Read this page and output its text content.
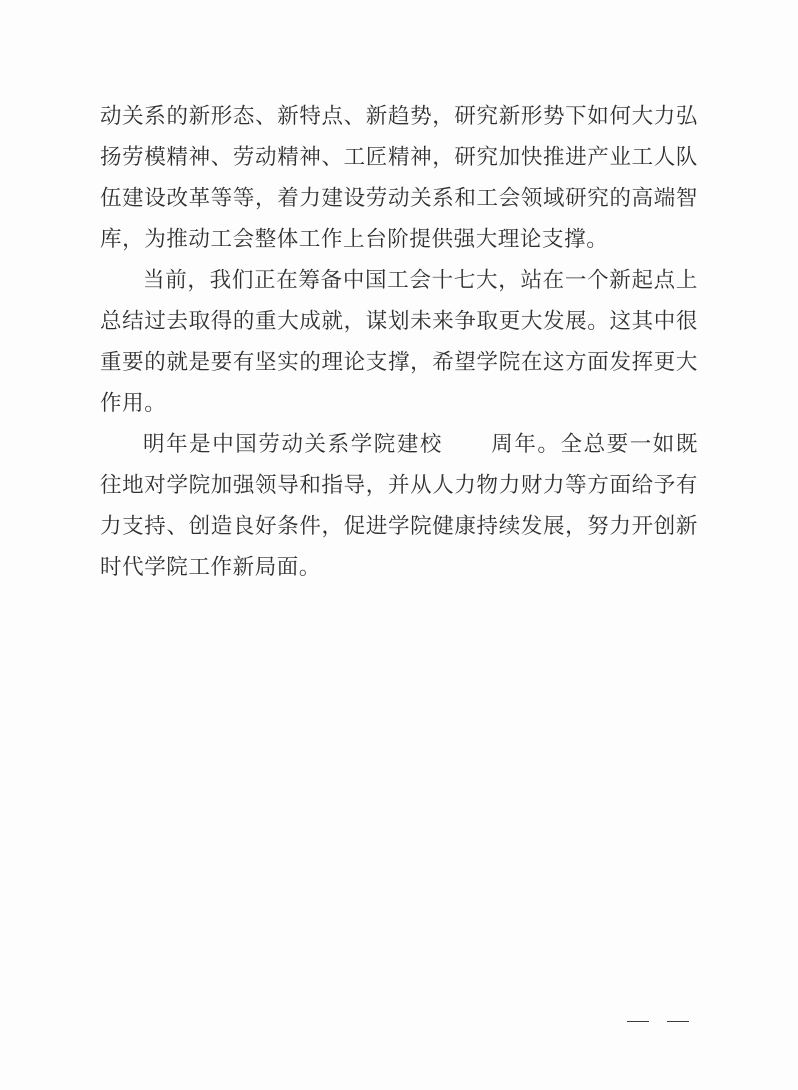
动关系的新形态、新特点、新趋势，研究新形势下如何大力弘扬劳模精神、劳动精神、工匠精神，研究加快推进产业工人队伍建设改革等等，着力建设劳动关系和工会领域研究的高端智库，为推动工会整体工作上台阶提供强大理论支撑。

当前，我们正在筹备中国工会十七大，站在一个新起点上总结过去取得的重大成就，谋划未来争取更大发展。这其中很重要的就是要有坚实的理论支撑，希望学院在这方面发挥更大作用。

明年是中国劳动关系学院建校 周年。全总要一如既往地对学院加强领导和指导，并从人力物力财力等方面给予有力支持、创造良好条件，促进学院健康持续发展，努力开创新时代学院工作新局面。
